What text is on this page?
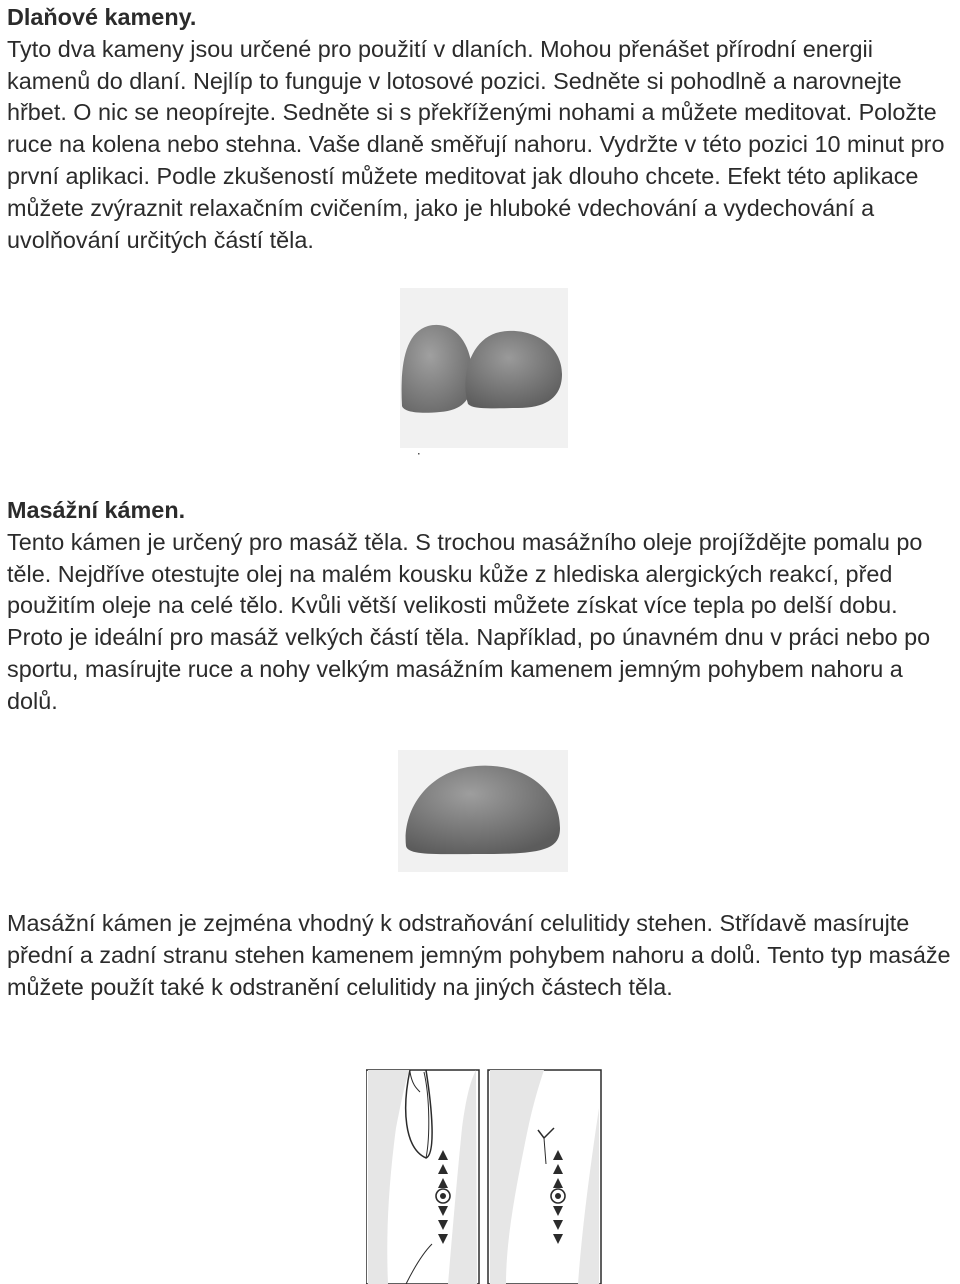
Dlaňové kameny.
Tyto dva kameny jsou určené pro použití v dlaních. Mohou přenášet přírodní energii kamenů do dlaní. Nejlíp to funguje v lotosové pozici. Sedněte si pohodlně a narovnejte hřbet. O nic se neopírejte. Sedněte si s překříženými nohami a můžete meditovat. Položte ruce na kolena nebo stehna. Vaše dlaně směřují nahoru. Vydržte v této pozici 10 minut pro první aplikaci. Podle zkušeností můžete meditovat jak dlouho chcete. Efekt této aplikace můžete zvýraznit relaxačním cvičením, jako je hluboké vdechování a vydechování a uvolňování určitých částí těla.
Masážní kámen.
Tento kámen je určený pro masáž těla. S trochou masážního oleje projíždějte pomalu po těle. Nejdříve otestujte olej na malém kousku kůže z hlediska alergických reakcí, před použitím oleje na celé tělo. Kvůli větší velikosti můžete získat více tepla po delší dobu. Proto je ideální pro masáž velkých částí těla. Například, po únavném dnu v práci nebo po sportu, masírujte ruce a nohy velkým masážním kamenem jemným pohybem nahoru a dolů.
Masážní kámen je zejména vhodný k odstraňování celulitidy stehen. Střídavě masírujte přední a zadní stranu stehen kamenem jemným pohybem nahoru a dolů. Tento typ masáže můžete použít také k odstranění celulitidy na jiných částech těla.
